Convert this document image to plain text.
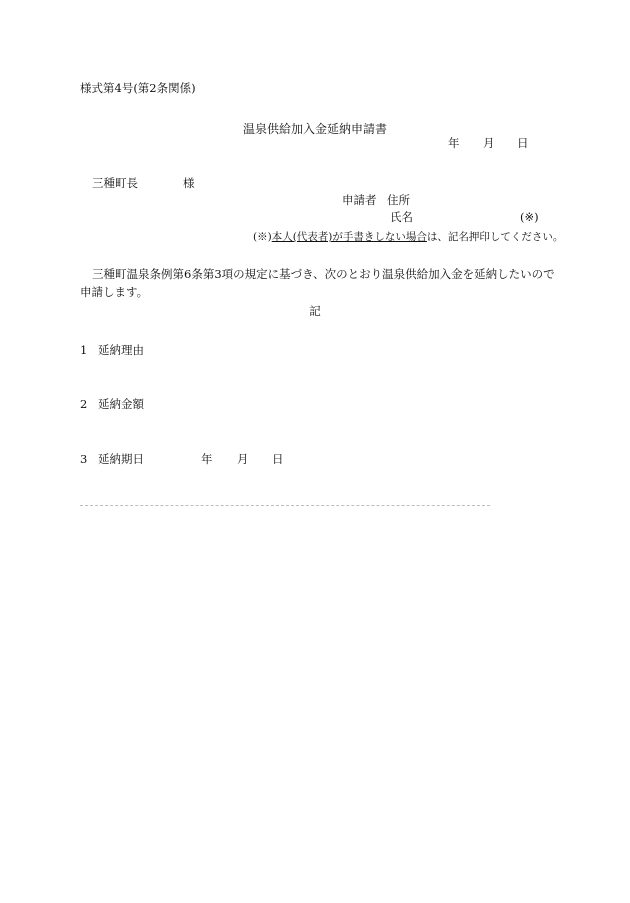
様式第4号(第2条関係)
温泉供給加入金延納申請書
年 月 日
三種町長	様
申請者 住所
氏名	(※)
(※)本人(代表者)が手書きしない場合は、記名押印してください。
三種町温泉条例第6条第3項の規定に基づき、次のとおり温泉供給加入金を延納したいので申請します。
記
1 延納理由
2 延納金額
3 延納期日	年 月 日
